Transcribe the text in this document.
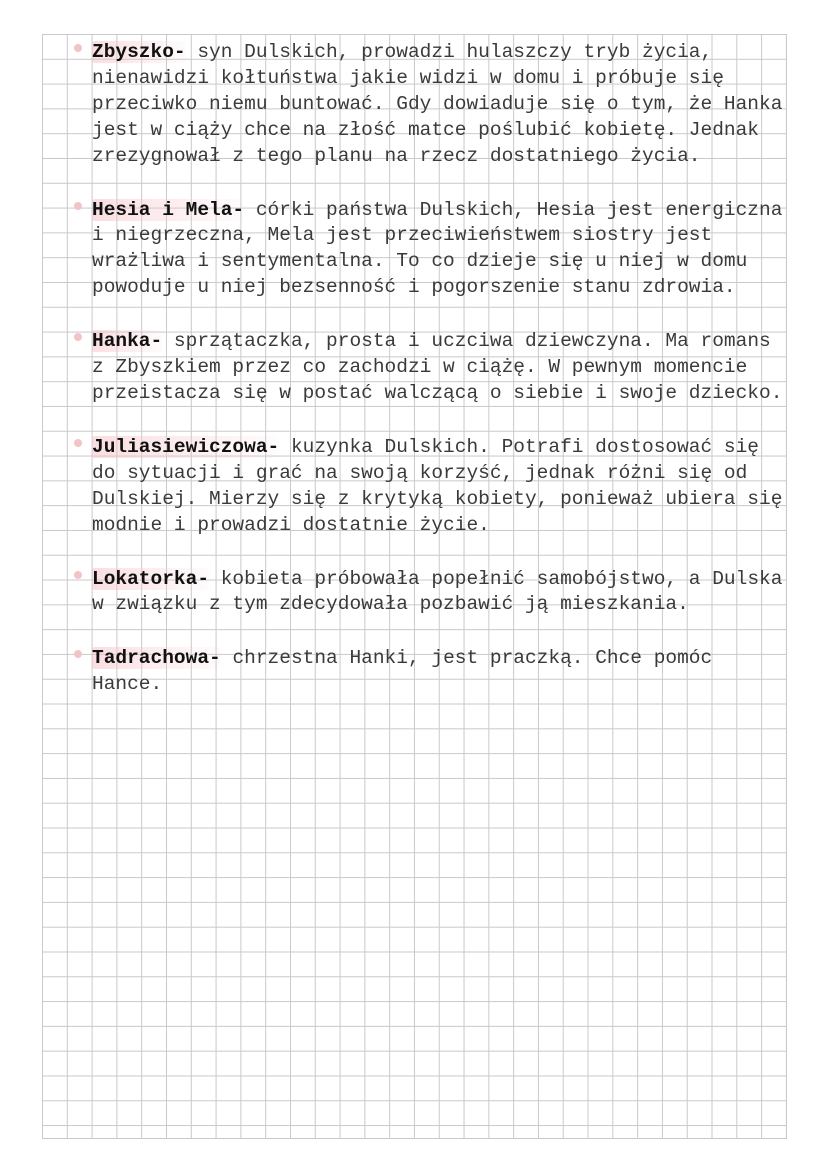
Zbyszko- syn Dulskich, prowadzi hulaszczy tryb życia, nienawidzi kołtuństwa jakie widzi w domu i próbuje się przeciwko niemu buntować. Gdy dowiaduje się o tym, że Hanka jest w ciąży chce na złość matce poślubić kobietę. Jednak zrezygnował z tego planu na rzecz dostatniego życia.
Hesia i Mela- córki państwa Dulskich, Hesia jest energiczna i niegrzeczna, Mela jest przeciwieństwem siostry jest wrażliwa i sentymentalna. To co dzieje się u niej w domu powoduje u niej bezsenność i pogorszenie stanu zdrowia.
Hanka- sprzątaczka, prosta i uczciwa dziewczyna. Ma romans z Zbyszkiem przez co zachodzi w ciążę. W pewnym momencie przeistacza się w postać walczącą o siebie i swoje dziecko.
Juliasiewiczowa- kuzynka Dulskich. Potrafi dostosować się do sytuacji i grać na swoją korzyść, jednak różni się od Dulskiej. Mierzy się z krytyką kobiety, ponieważ ubiera się modnie i prowadzi dostatnie życie.
Lokatorka- kobieta próbowała popełnić samobójstwo, a Dulska w związku z tym zdecydowała pozbawić ją mieszkania.
Tadrachowa- chrzestna Hanki, jest praczką. Chce pomóc Hance.
